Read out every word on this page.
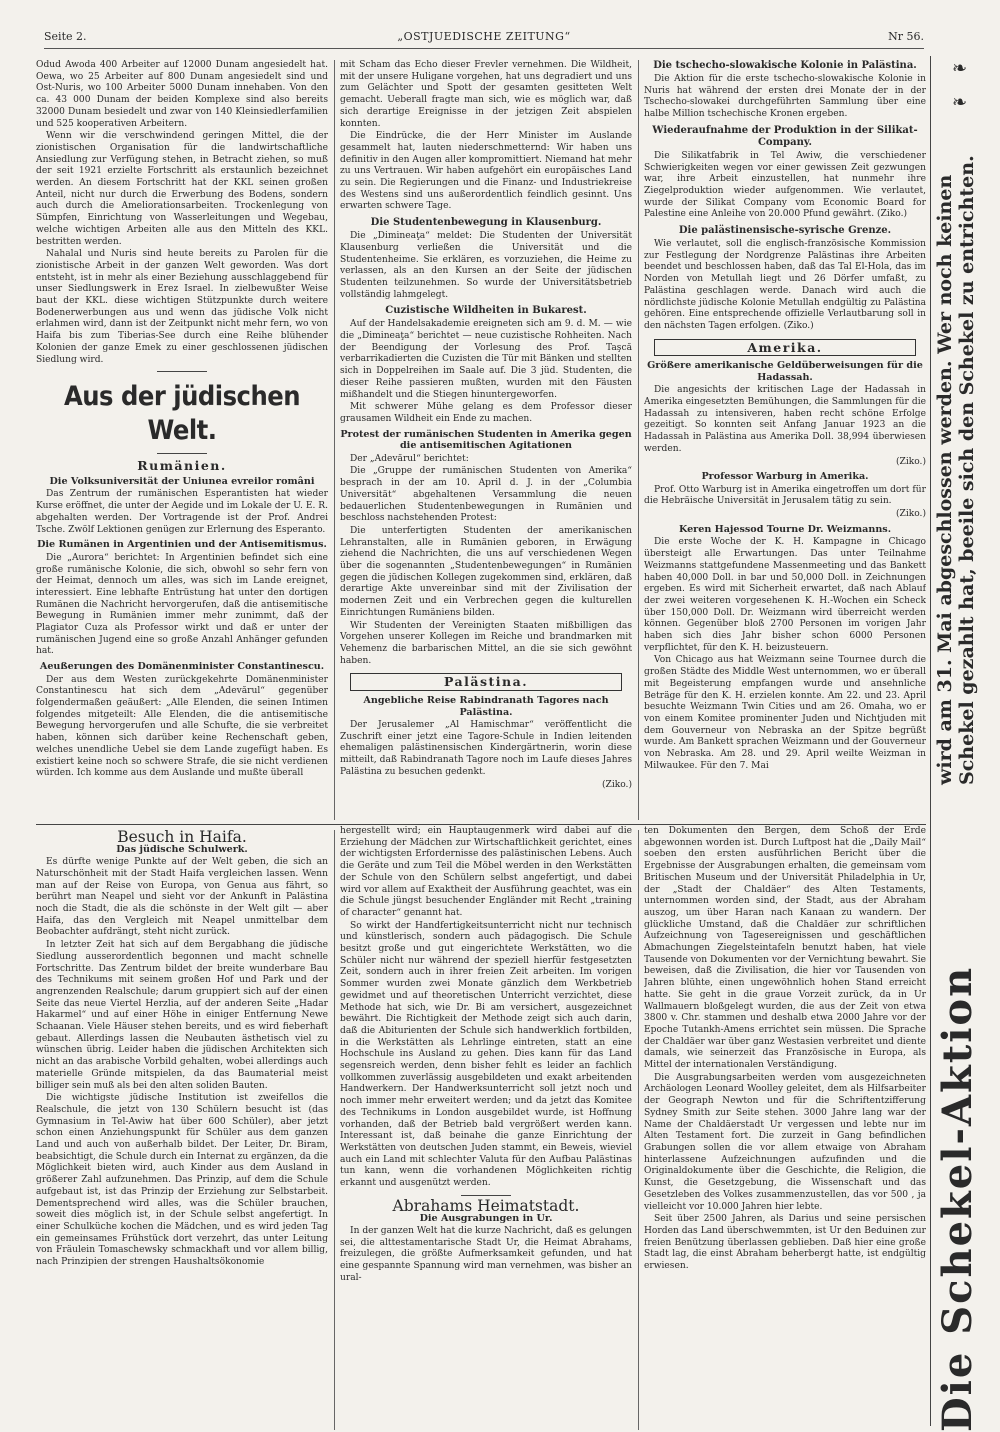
Seite 2.	„OSTJUEDISCHE ZEITUNG“	Nr 56.

Odud Awoda 400 Arbeiter auf 12000 Dunam angesiedelt hat. Oewa, wo 25 Arbeiter auf 800 Dunam angesiedelt sind und Ost-Nuris, wo 100 Arbeiter 5000 Dunam innehaben. Von den ca. 43 000 Dunam der beiden Komplexe sind also bereits 32000 Dunam besiedelt und zwar von 140 Kleinsiedlerfamilien und 525 kooperativen Arbeitern.

Wenn wir die verschwindend geringen Mittel, die der zionistischen Organisation für die landwirtschaftliche Ansiedlung zur Verfügung stehen, in Betracht ziehen, so muß der seit 1921 erzielte Fortschritt als erstaunlich bezeichnet werden. An diesem Fortschritt hat der KKL seinen großen Anteil, nicht nur durch die Erwerbung des Bodens, sondern auch durch die Ameliorationsarbeiten. Trockenlegung von Sümpfen, Einrichtung von Wasserleitungen und Wegebau, welche wichtigen Arbeiten alle aus den Mitteln des KKL. bestritten werden.

Nahalal und Nuris sind heute bereits zu Parolen für die zionistische Arbeit in der ganzen Welt geworden. Was dort entsteht, ist in mehr als einer Beziehung ausschlaggebend für unser Siedlungswerk in Erez Israel. In zielbewußter Weise baut der KKL. diese wichtigen Stützpunkte durch weitere Bodenerwerbungen aus und wenn das jüdische Volk nicht erlahmen wird, dann ist der Zeitpunkt nicht mehr fern, wo von Haifa bis zum Tiberias-See durch eine Reihe blühender Kolonien der ganze Emek zu einer geschlossenen jüdischen Siedlung wird.

Aus der jüdischen Welt.
Rumänien.
Die Volksuniversität der Uniunea evreilor români

Das Zentrum der rumänischen Esperantisten hat wieder Kurse eröffnet, die unter der Aegide und im Lokale der U. E. R. abgehalten werden. Der Vortragende ist der Prof. Andrei Tsche. Zwölf Lektionen genügen zur Erlernung des Esperanto.

Die Rumänen in Argentinien und der Antisemitismus.

Die „Aurora“ berichtet: In Argentinien befindet sich eine große rumänische Kolonie, die sich, obwohl so sehr fern von der Heimat, dennoch um alles, was sich im Lande ereignet, interessiert. Eine lebhafte Entrüstung hat unter den dortigen Rumänen die Nachricht hervorgerufen, daß die antisemitische Bewegung in Rumänien immer mehr zunimmt, daß der Plagiator Cuza als Professor wirkt und daß er unter der rumänischen Jugend eine so große Anzahl Anhänger gefunden hat.

Aeußerungen des Domänenminister Constantinescu.

Der aus dem Westen zurückgekehrte Domänenminister Constantinescu hat sich dem „Adevărul“ gegenüber folgendermaßen geäußert: „Alle Elenden, die seinen Intimen folgendes mitgeteilt: Alle Elenden, die die antisemitische Bewegung hervorgerufen und alle Schufte, die sie verbreitet haben, können sich darüber keine Rechenschaft geben, welches unendliche Uebel sie dem Lande zugefügt haben. Es existiert keine noch so schwere Strafe, die sie nicht verdienen würden. Ich komme aus dem Auslande und mußte überall

mit Scham das Echo dieser Frevler vernehmen. Die Wildheit, mit der unsere Huligane vorgehen, hat uns degradiert und uns zum Gelächter und Spott der gesamten gesitteten Welt gemacht. Ueberall fragte man sich, wie es möglich war, daß sich derartige Ereignisse in der jetzigen Zeit abspielen konnten.

Die Eindrücke, die der Herr Minister im Auslande gesammelt hat, lauten niederschmetternd: Wir haben uns definitiv in den Augen aller kompromittiert. Niemand hat mehr zu uns Vertrauen. Wir haben aufgehört ein europäisches Land zu sein. Die Regierungen und die Finanz- und Industriekreise des Westens sind uns außerordentlich feindlich gesinnt. Uns erwarten schwere Tage.

Die Studentenbewegung in Klausenburg.

Die „Dimineaţa“ meldet: Die Studenten der Universität Klausenburg verließen die Universität und die Studentenheime. Sie erklären, es vorzuziehen, die Heime zu verlassen, als an den Kursen an der Seite der jüdischen Studenten teilzunehmen. So wurde der Universitätsbetrieb vollständig lahmgelegt.

Cuzistische Wildheiten in Bukarest.

Auf der Handelsakademie ereigneten sich am 9. d. M. — wie die „Dimineaţa“ berichtet — neue cuzistische Rohheiten. Nach der Beendigung der Vorlesung des Prof. Taşcă verbarrikadierten die Cuzisten die Tür mit Bänken und stellten sich in Doppelreihen im Saale auf. Die 3 jüd. Studenten, die dieser Reihe passieren mußten, wurden mit den Fäusten mißhandelt und die Stiegen hinuntergeworfen.

Mit schwerer Mühe gelang es dem Professor dieser grausamen Wildheit ein Ende zu machen.

Protest der rumänischen Studenten in Amerika gegen die antisemitischen Agitationen

Der „Adevărul“ berichtet:

Die „Gruppe der rumänischen Studenten von Amerika“ besprach in der am 10. April d. J. in der „Columbia Universität“ abgehaltenen Versammlung die neuen bedauerlichen Studentenbewegungen in Rumänien und beschloss nachstehenden Protest:

Die unterfertigten Studenten der amerikanischen Lehranstalten, alle in Rumänien geboren, in Erwägung ziehend die Nachrichten, die uns auf verschiedenen Wegen über die sogenannten „Studentenbewegungen“ in Rumänien gegen die jüdischen Kollegen zugekommen sind, erklären, daß derartige Akte unvereinbar sind mit der Zivilisation der modernen Zeit und ein Verbrechen gegen die kulturellen Einrichtungen Rumäniens bilden.

Wir Studenten der Vereinigten Staaten mißbilligen das Vorgehen unserer Kollegen im Reiche und brandmarken mit Vehemenz die barbarischen Mittel, an die sie sich gewöhnt haben.

Palästina.
Angebliche Reise Rabindranath Tagores nach Palästina.

Der Jerusalemer „Al Hamischmar“ veröffentlicht die Zuschrift einer jetzt eine Tagore-Schule in Indien leitenden ehemaligen palästinensischen Kindergärtnerin, worin diese mitteilt, daß Rabindranath Tagore noch im Laufe dieses Jahres Palästina zu besuchen gedenkt.

(Ziko.)

Die tschecho-slowakische Kolonie in Palästina.

Die Aktion für die erste tschecho-slowakische Kolonie in Nuris hat während der ersten drei Monate der in der Tschecho-slowakei durchgeführten Sammlung über eine halbe Million tschechische Kronen ergeben.

Wiederaufnahme der Produktion in der Silikat-Company.

Die Silikatfabrik in Tel Awiw, die verschiedener Schwierigkeiten wegen vor einer gewissen Zeit gezwungen war, ihre Arbeit einzustellen, hat nunmehr ihre Ziegelproduktion wieder aufgenommen. Wie verlautet, wurde der Silikat Company vom Economic Board for Palestine eine Anleihe von 20.000 Pfund gewährt. (Ziko.)

Die palästinensische-syrische Grenze.

Wie verlautet, soll die englisch-französische Kommission zur Festlegung der Nordgrenze Palästinas ihre Arbeiten beendet und beschlossen haben, daß das Tal El-Hola, das im Norden von Metullah liegt und 26 Dörfer umfaßt, zu Palästina geschlagen werde. Danach wird auch die nördlichste jüdische Kolonie Metullah endgültig zu Palästina gehören. Eine entsprechende offizielle Verlautbarung soll in den nächsten Tagen erfolgen. (Ziko.)

Amerika.
Größere amerikanische Geldüberweisungen für die Hadassah.

Die angesichts der kritischen Lage der Hadassah in Amerika eingesetzten Bemühungen, die Sammlungen für die Hadassah zu intensiveren, haben recht schöne Erfolge gezeitigt. So konnten seit Anfang Januar 1923 an die Hadassah in Palästina aus Amerika Doll. 38,994 überwiesen werden.

(Ziko.)

Professor Warburg in Amerika.

Prof. Otto Warburg ist in Amerika eingetroffen um dort für die Hebräische Universität in Jerusalem tätig zu sein.

(Ziko.)

Keren Hajessod Tourne Dr. Weizmanns.

Die erste Woche der K. H. Kampagne in Chicago übersteigt alle Erwartungen. Das unter Teilnahme Weizmanns stattgefundene Massenmeeting und das Bankett haben 40,000 Doll. in bar und 50,000 Doll. in Zeichnungen ergeben. Es wird mit Sicherheit erwartet, daß nach Ablauf der zwei weiteren vorgesehenen K. H.-Wochen ein Scheck über 150,000 Doll. Dr. Weizmann wird überreicht werden können. Gegenüber bloß 2700 Personen im vorigen Jahr haben sich dies Jahr bisher schon 6000 Personen verpflichtet, für den K. H. beizusteuern.

Von Chicago aus hat Weizmann seine Tournee durch die großen Städte des Middle West unternommen, wo er überall mit Begeisterung empfangen wurde und ansehnliche Beträge für den K. H. erzielen konnte. Am 22. und 23. April besuchte Weizmann Twin Cities und am 26. Omaha, wo er von einem Komitee prominenter Juden und Nichtjuden mit dem Gouverneur von Nebraska an der Spitze begrüßt wurde. Am Bankett sprachen Weizmann und der Gouverneur von Nebraska. Am 28. und 29. April weilte Weizman in Milwaukee. Für den 7. Mai

Besuch in Haifa.
Das jüdische Schulwerk.

Es dürfte wenige Punkte auf der Welt geben, die sich an Naturschönheit mit der Stadt Haifa vergleichen lassen. Wenn man auf der Reise von Europa, von Genua aus fährt, so berührt man Neapel und sieht vor der Ankunft in Palästina noch die Stadt, die als die schönste in der Welt gilt — aber Haifa, das den Vergleich mit Neapel unmittelbar dem Beobachter aufdrängt, steht nicht zurück.

In letzter Zeit hat sich auf dem Bergabhang die jüdische Siedlung ausserordentlich begonnen und macht schnelle Fortschritte. Das Zentrum bildet der breite wunderbare Bau des Technikums mit seinem großen Hof und Park und der angrenzenden Realschule; darum gruppiert sich auf der einen Seite das neue Viertel Herzlia, auf der anderen Seite „Hadar Hakarmel“ und auf einer Höhe in einiger Entfernung Newe Schaanan. Viele Häuser stehen bereits, und es wird fieberhaft gebaut. Allerdings lassen die Neubauten ästhetisch viel zu wünschen übrig. Leider haben die jüdischen Architekten sich nicht an das arabische Vorbild gehalten, wobei allerdings auch materielle Gründe mitspielen, da das Baumaterial meist billiger sein muß als bei den alten soliden Bauten.

Die wichtigste jüdische Institution ist zweifellos die Realschule, die jetzt von 130 Schülern besucht ist (das Gymnasium in Tel-Awiw hat über 600 Schüler), aber jetzt schon einen Anziehungspunkt für Schüler aus dem ganzen Land und auch von außerhalb bildet. Der Leiter, Dr. Biram, beabsichtigt, die Schule durch ein Internat zu ergänzen, da die Möglichkeit bieten wird, auch Kinder aus dem Ausland in größerer Zahl aufzunehmen. Das Prinzip, auf dem die Schule aufgebaut ist, ist das Prinzip der Erziehung zur Selbstarbeit. Dementsprechend wird alles, was die Schüler brauchen, soweit dies möglich ist, in der Schule selbst angefertigt. In einer Schulküche kochen die Mädchen, und es wird jeden Tag ein gemeinsames Frühstück dort verzehrt, das unter Leitung von Fräulein Tomaschewsky schmackhaft und vor allem billig, nach Prinzipien der strengen Haushaltsökonomie

hergestellt wird; ein Hauptaugenmerk wird dabei auf die Erziehung der Mädchen zur Wirtschaftlichkeit gerichtet, eines der wichtigsten Erfordernisse des palästinischen Lebens. Auch die Geräte und zum Teil die Möbel werden in den Werkstätten der Schule von den Schülern selbst angefertigt, und dabei wird vor allem auf Exaktheit der Ausführung geachtet, was ein die Schule jüngst besuchender Engländer mit Recht „training of character“ genannt hat.

So wirkt der Handfertigkeitsunterricht nicht nur technisch und künstlerisch, sondern auch pädagogisch. Die Schule besitzt große und gut eingerichtete Werkstätten, wo die Schüler nicht nur während der speziell hierfür festgesetzten Zeit, sondern auch in ihrer freien Zeit arbeiten. Im vorigen Sommer wurden zwei Monate gänzlich dem Werkbetrieb gewidmet und auf theoretischen Unterricht verzichtet, diese Methode hat sich, wie Dr. Bi am versichert, ausgezeichnet bewährt. Die Richtigkeit der Methode zeigt sich auch darin, daß die Abiturienten der Schule sich handwerklich fortbilden, in die Werkstätten als Lehrlinge eintreten, statt an eine Hochschule ins Ausland zu gehen. Dies kann für das Land segensreich werden, denn bisher fehlt es leider an fachlich vollkommen zuverlässig ausgebildeten und exakt arbeitenden Handwerkern. Der Handwerksunterricht soll jetzt noch und noch immer mehr erweitert werden; und da jetzt das Komitee des Technikums in London ausgebildet wurde, ist Hoffnung vorhanden, daß der Betrieb bald vergrößert werden kann. Interessant ist, daß beinahe die ganze Einrichtung der Werkstätten von deutschen Juden stammt, ein Beweis, wieviel auch ein Land mit schlechter Valuta für den Aufbau Palästinas tun kann, wenn die vorhandenen Möglichkeiten richtig erkannt und ausgenützt werden.

Abrahams Heimatstadt.
Die Ausgrabungen in Ur.

In der ganzen Welt hat die kurze Nachricht, daß es gelungen sei, die alttestamentarische Stadt Ur, die Heimat Abrahams, freizulegen, die größte Aufmerksamkeit gefunden, und hat eine gespannte Spannung wird man vernehmen, was bisher an ural-

ten Dokumenten den Bergen, dem Schoß der Erde abgewonnen worden ist. Durch Luftpost hat die „Daily Mail“ soeben den ersten ausführlichen Bericht über die Ergebnisse der Ausgrabungen erhalten, die gemeinsam vom Britischen Museum und der Universität Philadelphia in Ur, der „Stadt der Chaldäer“ des Alten Testaments, unternommen worden sind, der Stadt, aus der Abraham auszog, um über Haran nach Kanaan zu wandern. Der glückliche Umstand, daß die Chaldäer zur schriftlichen Aufzeichnung von Tagesereignissen und geschäftlichen Abmachungen Ziegelsteintafeln benutzt haben, hat viele Tausende von Dokumenten vor der Vernichtung bewahrt. Sie beweisen, daß die Zivilisation, die hier vor Tausenden von Jahren blühte, einen ungewöhnlich hohen Stand erreicht hatte. Sie geht in die graue Vorzeit zurück, da in Ur Wallmauern bloßgelegt wurden, die aus der Zeit von etwa 3800 v. Chr. stammen und deshalb etwa 2000 Jahre vor der Epoche Tutankh-Amens errichtet sein müssen. Die Sprache der Chaldäer war über ganz Westasien verbreitet und diente damals, wie seinerzeit das Französische in Europa, als Mittel der internationalen Verständigung.

Die Ausgrabungsarbeiten werden vom ausgezeichneten Archäologen Leonard Woolley geleitet, dem als Hilfsarbeiter der Geograph Newton und für die Schriftentzifferung Sydney Smith zur Seite stehen. 3000 Jahre lang war der Name der Chaldäerstadt Ur vergessen und lebte nur im Alten Testament fort. Die zurzeit in Gang befindlichen Grabungen sollen die vor allem etwaige von Abraham hinterlassene Aufzeichnungen aufzufinden und die Originaldokumente über die Geschichte, die Religion, die Kunst, die Gesetzgebung, die Wissenschaft und das Gesetzleben des Volkes zusammenzustellen, das vor 500 , ja vielleicht vor 10.000 Jahren hier lebte.

Seit über 2500 Jahren, als Darius und seine persischen Horden das Land überschwemmten, ist Ur den Beduinen zur freien Benützung überlassen geblieben. Daß hier eine große Stadt lag, die einst Abraham beherbergt hatte, ist endgültig erwiesen.

❧
❧
wird am 31. Mai abgeschlossen werden. Wer noch keinen Schekel gezahlt hat, beeile sich den Schekel zu entrichten.
Die Schekel-Aktion
